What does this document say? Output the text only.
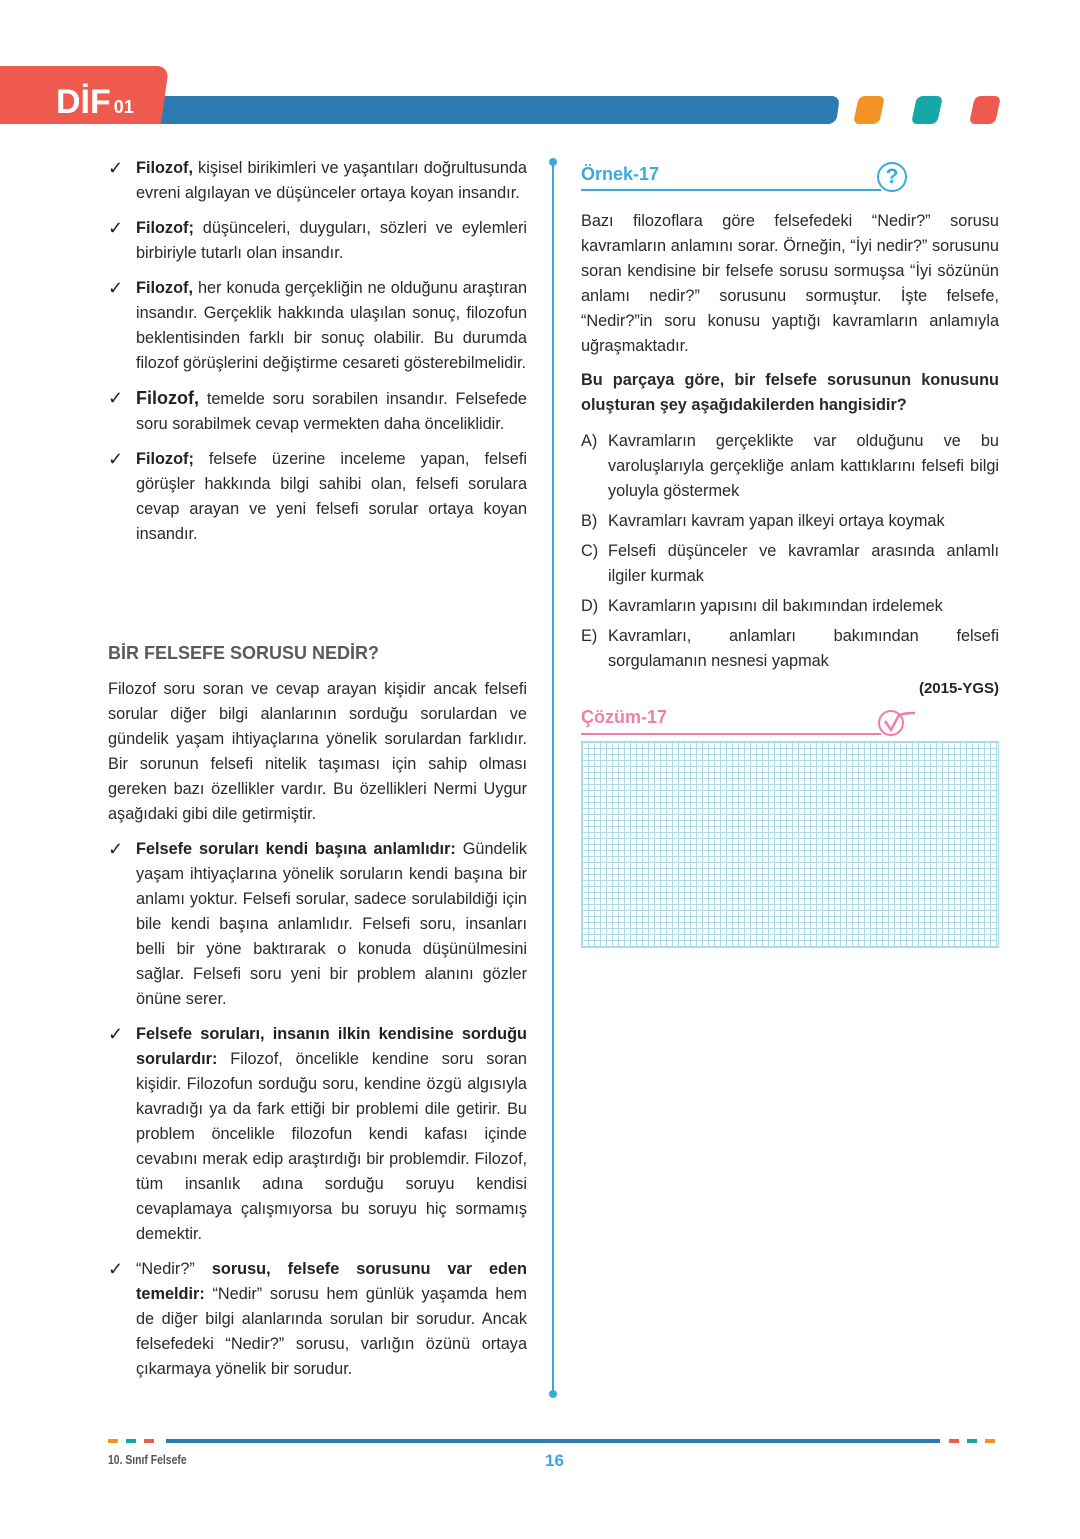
DİF 01
✓ Filozof, kişisel birikimleri ve yaşantıları doğrultusunda evreni algılayan ve düşünceler ortaya koyan insandır.
✓ Filozof; düşünceleri, duyguları, sözleri ve eylemleri birbiriyle tutarlı olan insandır.
✓ Filozof, her konuda gerçekliğin ne olduğunu araştıran insandır. Gerçeklik hakkında ulaşılan sonuç, filozofun beklentisinden farklı bir sonuç olabilir. Bu durumda filozof görüşlerini değiştirme cesareti gösterebilmelidir.
✓ Filozof, temelde soru sorabilen insandır. Felsefede soru sorabilmek cevap vermekten daha önceliklidir.
✓ Filozof; felsefe üzerine inceleme yapan, felsefi görüşler hakkında bilgi sahibi olan, felsefi sorulara cevap arayan ve yeni felsefi sorular ortaya koyan insandır.
BİR FELSEFE SORUSU NEDİR?
Filozof soru soran ve cevap arayan kişidir ancak felsefi sorular diğer bilgi alanlarının sorduğu sorulardan ve gündelik yaşam ihtiyaçlarına yönelik sorulardan farklıdır. Bir sorunun felsefi nitelik taşıması için sahip olması gereken bazı özellikler vardır. Bu özellikleri Nermi Uygur aşağıdaki gibi dile getirmiştir.
✓ Felsefe soruları kendi başına anlamlıdır: Gündelik yaşam ihtiyaçlarına yönelik soruların kendi başına bir anlamı yoktur. Felsefi sorular, sadece sorulabildiği için bile kendi başına anlamlıdır. Felsefi soru, insanları belli bir yöne baktırarak o konuda düşünülmesini sağlar. Felsefi soru yeni bir problem alanını gözler önüne serer.
✓ Felsefe soruları, insanın ilkin kendisine sorduğu sorulardır: Filozof, öncelikle kendine soru soran kişidir. Filozofun sorduğu soru, kendine özgü algısıyla kavradığı ya da fark ettiği bir problemi dile getirir. Bu problem öncelikle filozofun kendi kafası içinde cevabını merak edip araştırdığı bir problemdir. Filozof, tüm insanlık adına sorduğu soruyu kendisi cevaplamaya çalışmıyorsa bu soruyu hiç sormamış demektir.
✓ “Nedir?” sorusu, felsefe sorusunu var eden temeldir: “Nedir” sorusu hem günlük yaşamda hem de diğer bilgi alanlarında sorulan bir sorudur. Ancak felsefedeki “Nedir?” sorusu, varlığın özünü ortaya çıkarmaya yönelik bir sorudur.
Örnek-17	?
Bazı filozoflara göre felsefedeki “Nedir?” sorusu kavramların anlamını sorar. Örneğin, “İyi nedir?” sorusunu soran kendisine bir felsefe sorusu sormuşsa “İyi sözünün anlamı nedir?” sorusunu sormuştur. İşte felsefe, “Nedir?”in soru konusu yaptığı kavramların anlamıyla uğraşmaktadır.
Bu parçaya göre, bir felsefe sorusunun konusunu oluşturan şey aşağıdakilerden hangisidir?
A) Kavramların gerçeklikte var olduğunu ve bu varoluşlarıyla gerçekliğe anlam kattıklarını felsefi bilgi yoluyla göstermek
B) Kavramları kavram yapan ilkeyi ortaya koymak
C) Felsefi düşünceler ve kavramlar arasında anlamlı ilgiler kurmak
D) Kavramların yapısını dil bakımından irdelemek
E) Kavramları, anlamları bakımından felsefi sorgulamanın nesnesi yapmak
(2015-YGS)
Çözüm-17
10. Sınıf Felsefe	16
